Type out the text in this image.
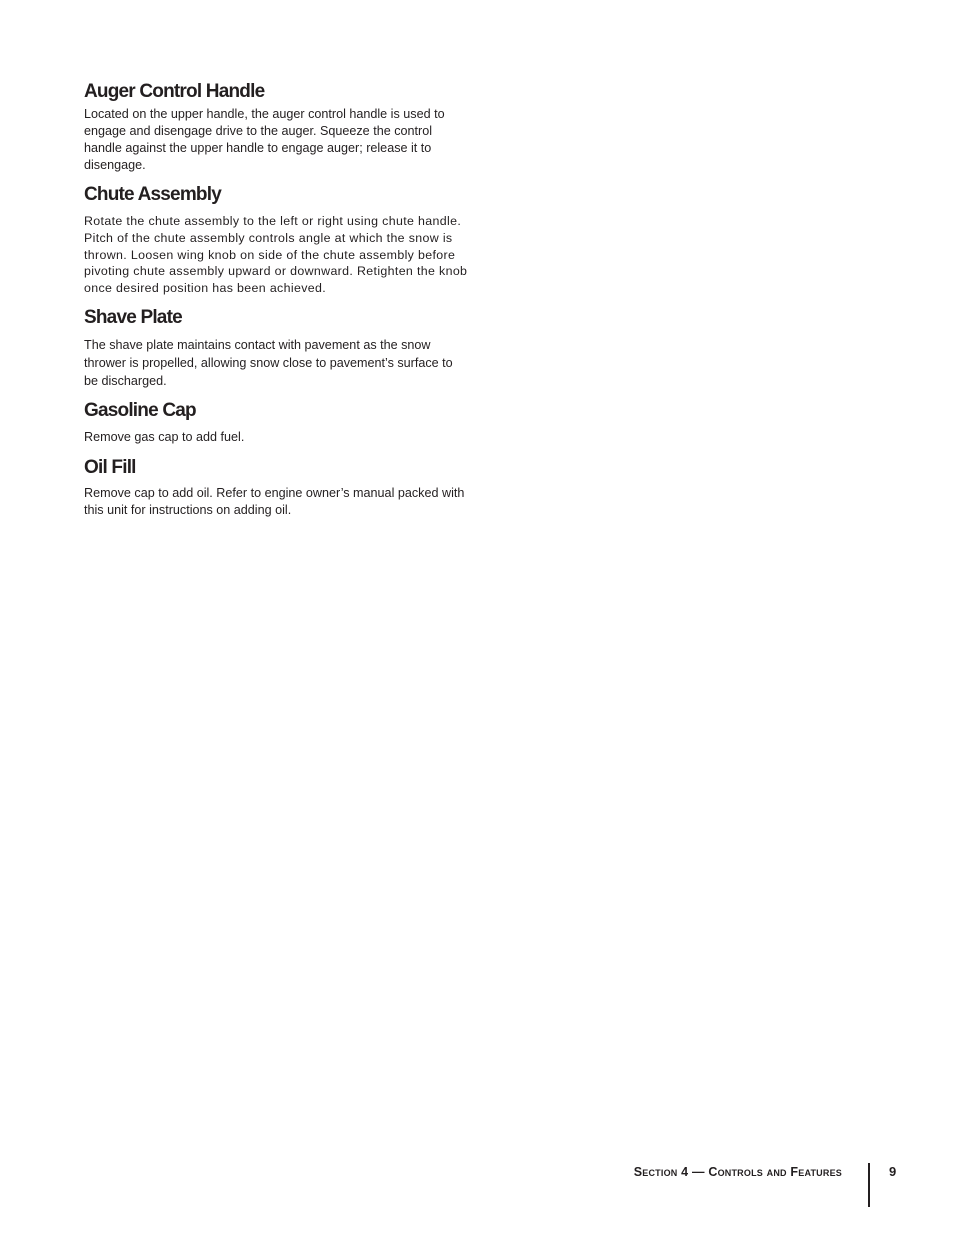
Auger Control Handle

Located on the upper handle, the auger control handle is used to engage and disengage drive to the auger. Squeeze the control handle against the upper handle to engage auger; release it to disengage.

Chute Assembly

Rotate the chute assembly to the left or right using chute handle. Pitch of the chute assembly controls angle at which the snow is thrown. Loosen wing knob on side of the chute assembly before pivoting chute assembly upward or downward. Retighten the knob once desired position has been achieved.

Shave Plate

The shave plate maintains contact with pavement as the snow thrower is propelled, allowing snow close to pavement’s surface to be discharged.

Gasoline Cap

Remove gas cap to add fuel.

Oil Fill

Remove cap to add oil. Refer to engine owner’s manual packed with this unit for instructions on adding oil.

Section 4 — Controls and Features	9
